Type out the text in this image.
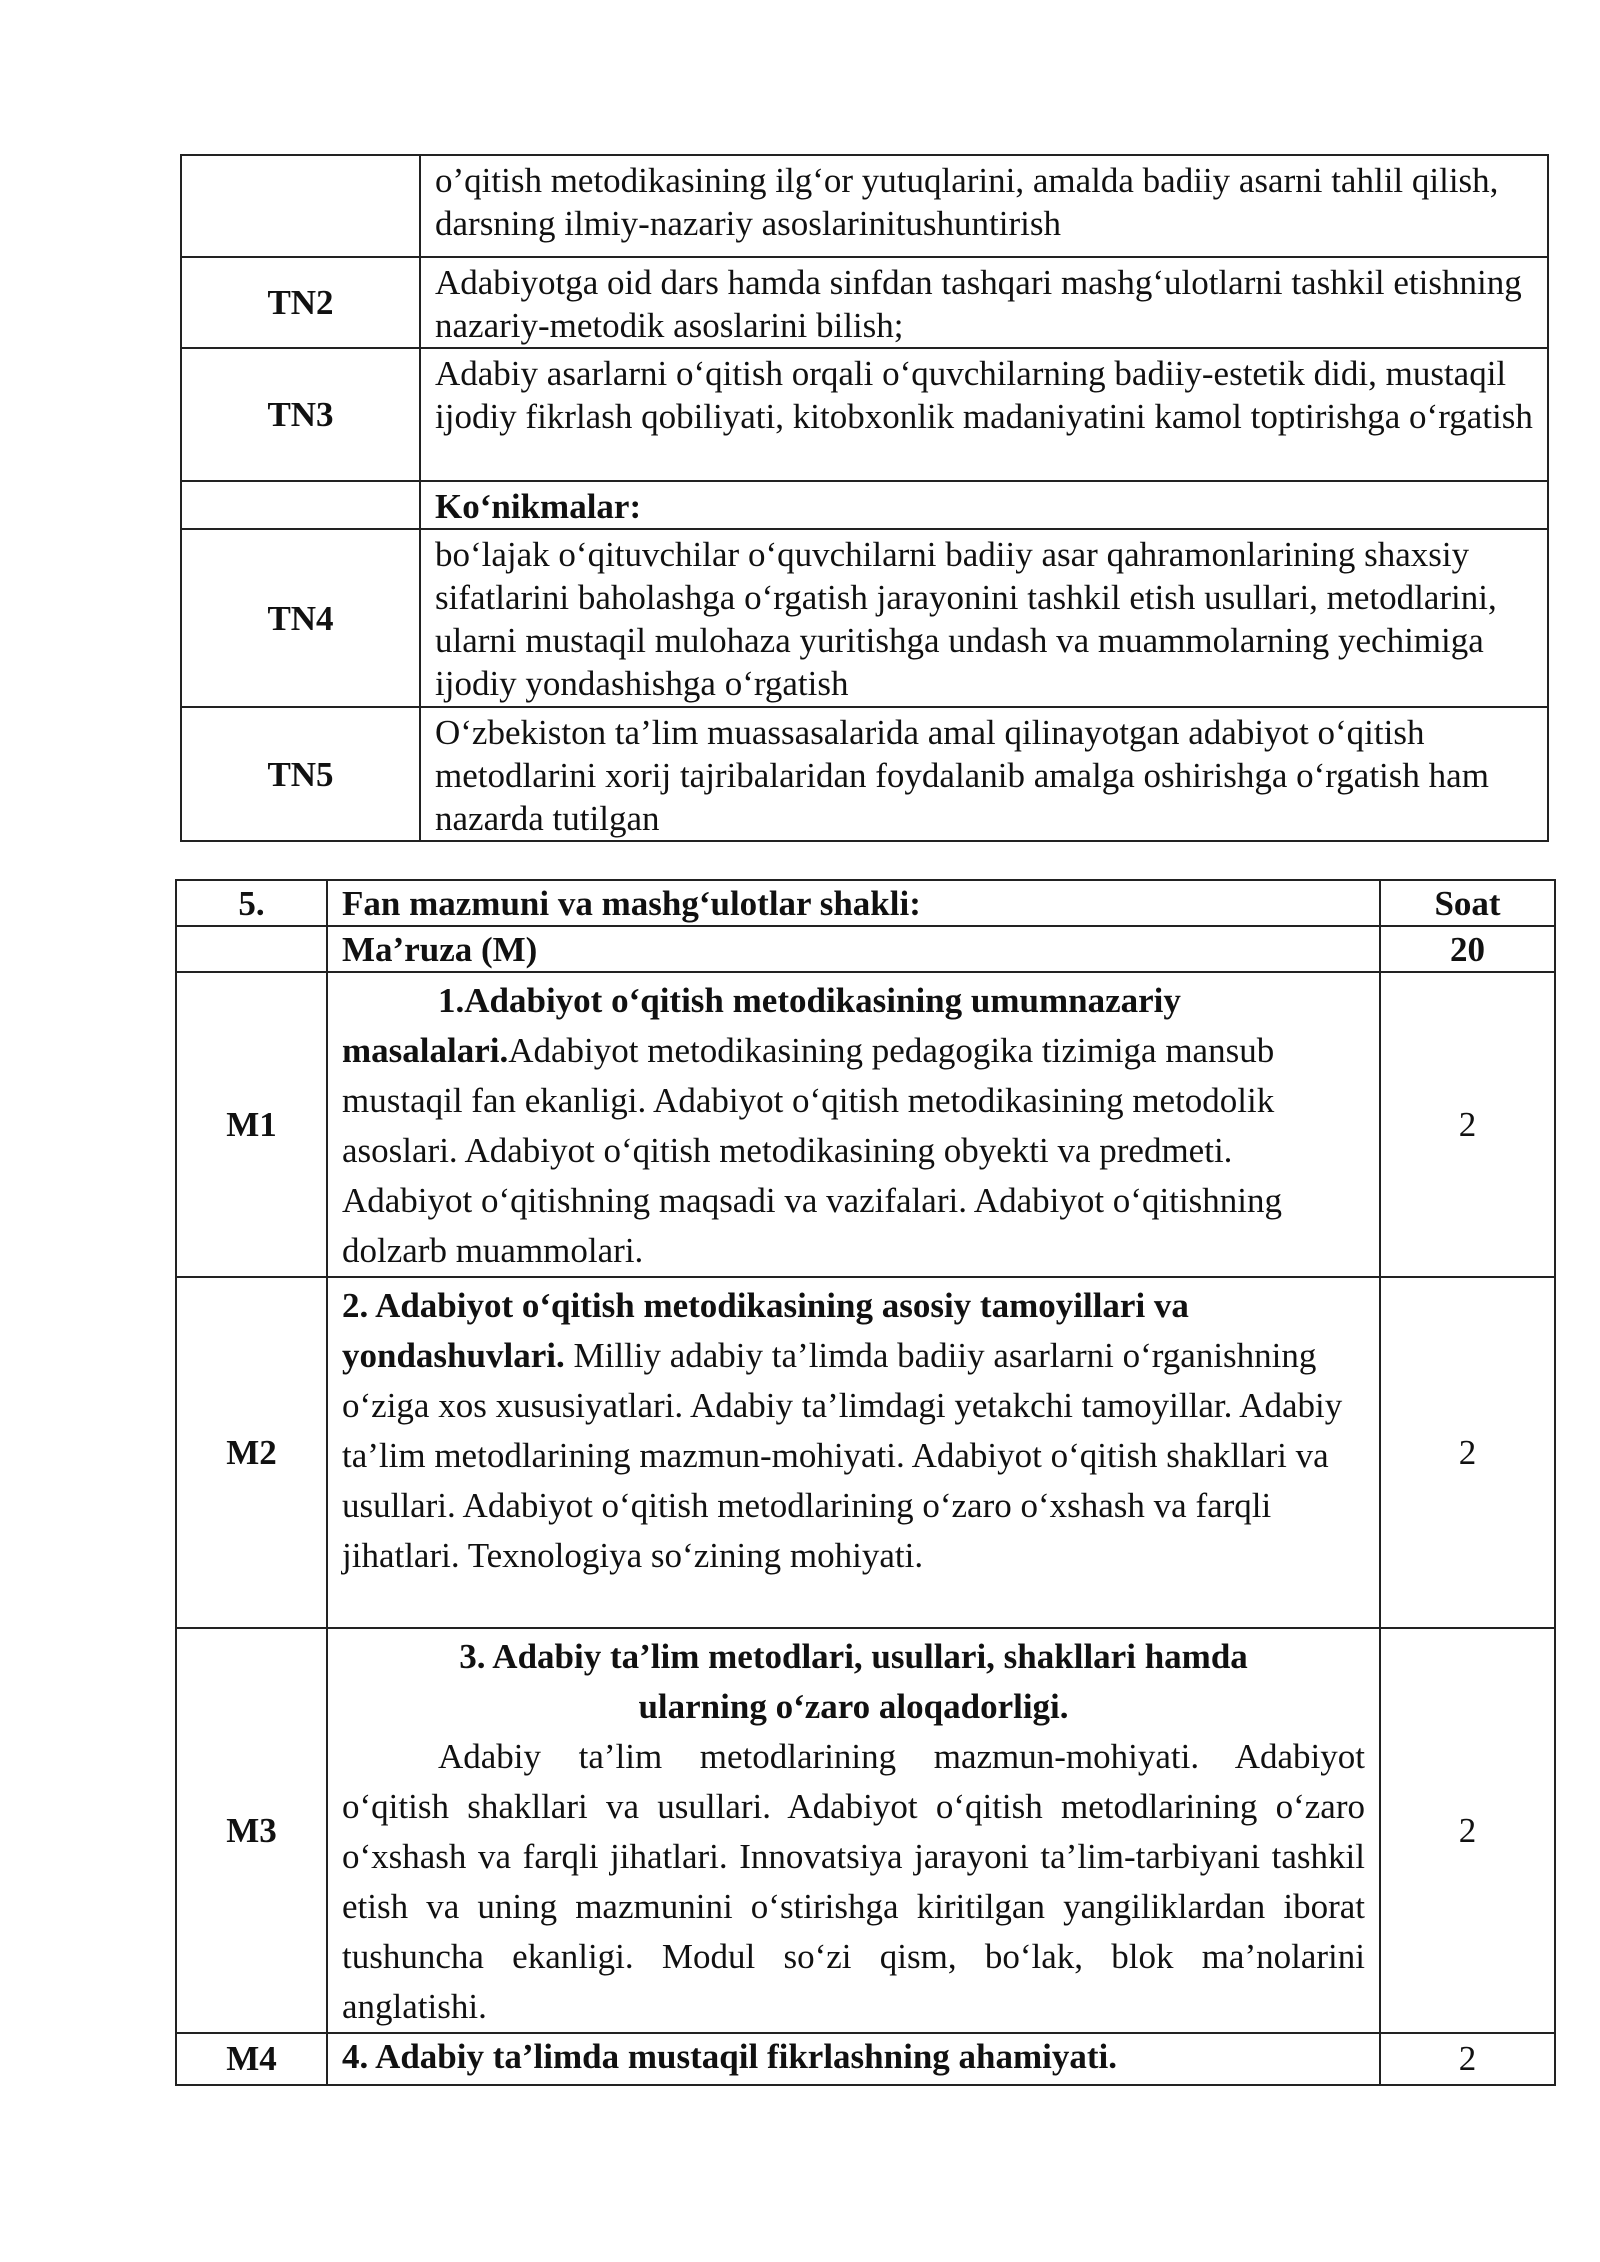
	o’qitish metodikasining ilg‘or yutuqlarini, amalda badiiy asarni tahlil qilish, darsning ilmiy-nazariy asoslarinitushuntirish
TN2	Adabiyotga oid dars hamda sinfdan tashqari mashg‘ulotlarni tashkil etishning nazariy-metodik asoslarini bilish;
TN3	Adabiy asarlarni o‘qitish orqali o‘quvchilarning badiiy-estetik didi, mustaqil ijodiy fikrlash qobiliyati, kitobxonlik madaniyatini kamol toptirishga o‘rgatish
	Ko‘nikmalar:
TN4	bo‘lajak o‘qituvchilar o‘quvchilarni badiiy asar qahramonlarining shaxsiy sifatlarini baholashga o‘rgatish jarayonini tashkil etish usullari, metodlarini, ularni mustaqil mulohaza yuritishga undash va muammolarning yechimiga ijodiy yondashishga o‘rgatish
TN5	O‘zbekiston ta’lim muassasalarida amal qilinayotgan adabiyot o‘qitish metodlarini xorij tajribalaridan foydalanib amalga oshirishga o‘rgatish ham nazarda tutilgan
5.	Fan mazmuni va mashg‘ulotlar shakli:	Soat
	Ma’ruza (M)	20
M1	1.Adabiyot o‘qitish metodikasining umumnazariy
masalalari.Adabiyot metodikasining pedagogika tizimiga mansub mustaqil fan ekanligi. Adabiyot o‘qitish metodikasining metodolik asoslari. Adabiyot o‘qitish metodikasining obyekti va predmeti. Adabiyot o‘qitishning maqsadi va vazifalari. Adabiyot o‘qitishning dolzarb muammolari.	2
M2	2. Adabiyot o‘qitish metodikasining asosiy tamoyillari va yondashuvlari. Milliy adabiy ta’limda badiiy asarlarni o‘rganishning o‘ziga xos xususiyatlari. Adabiy ta’limdagi yetakchi tamoyillar. Adabiy ta’lim metodlarining mazmun-mohiyati. Adabiyot o‘qitish shakllari va usullari. Adabiyot o‘qitish metodlarining o‘zaro o‘xshash va farqli jihatlari. Texnologiya so‘zining mohiyati.	2
M3	3. Adabiy ta’lim metodlari, usullari, shakllari hamda
ularning o‘zaro aloqadorligi.
Adabiy ta’lim metodlarining mazmun-mohiyati. Adabiyot o‘qitish shakllari va usullari. Adabiyot o‘qitish metodlarining o‘zaro o‘xshash va farqli jihatlari. Innovatsiya jarayoni ta’lim-tarbiyani tashkil etish va uning mazmunini o‘stirishga kiritilgan yangiliklardan iborat tushuncha ekanligi. Modul so‘zi qism, bo‘lak, blok ma’nolarini anglatishi.	2
M4	4. Adabiy ta’limda mustaqil fikrlashning ahamiyati.	2
